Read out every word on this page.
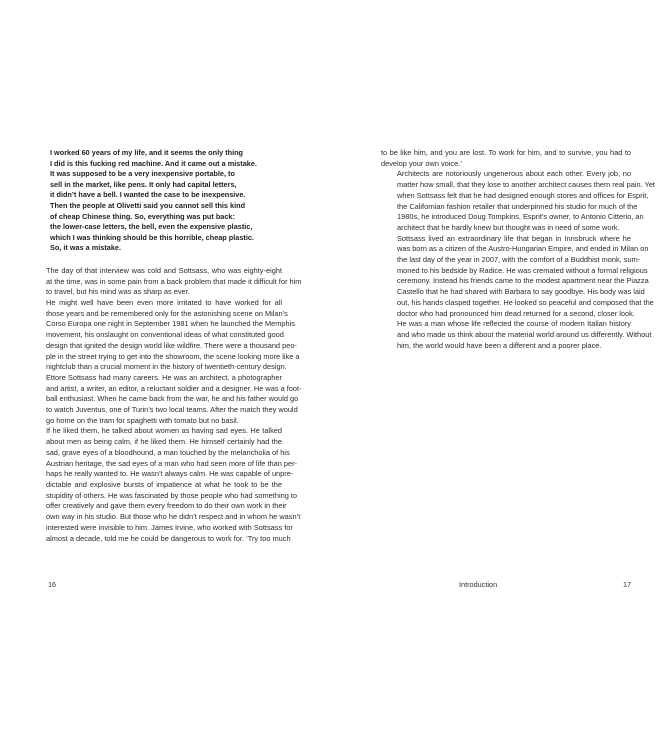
I worked 60 years of my life, and it seems the only thing
I did is this fucking red machine. And it came out a mistake.
It was supposed to be a very inexpensive portable, to
sell in the market, like pens. It only had capital letters,
it didn’t have a bell. I wanted the case to be inexpensive.
Then the people at Olivetti said you cannot sell this kind
of cheap Chinese thing. So, everything was put back:
the lower-case letters, the bell, even the expensive plastic,
which I was thinking should be this horrible, cheap plastic.
So, it was a mistake.

The day of that interview was cold and Sottsass, who was eighty-eight
at the time, was in some pain from a back problem that made it difficult for him
to travel, but his mind was as sharp as ever.

He might well have been even more irritated to have worked for all
those years and be remembered only for the astonishing scene on Milan’s
Corso Europa one night in September 1981 when he launched the Memphis
movement, his onslaught on conventional ideas of what constituted good
design that ignited the design world like wildfire. There were a thousand peo-
ple in the street trying to get into the showroom, the scene looking more like a
nightclub than a crucial moment in the history of twentieth-century design.

Ettore Sottsass had many careers. He was an architect, a photographer
and artist, a writer, an editor, a reluctant soldier and a designer. He was a foot-
ball enthusiast. When he came back from the war, he and his father would go
to watch Juventus, one of Turin’s two local teams. After the match they would
go home on the tram for spaghetti with tomato but no basil.

If he liked them, he talked about women as having sad eyes. He talked
about men as being calm, if he liked them. He himself certainly had the
sad, grave eyes of a bloodhound, a man touched by the melancholia of his
Austrian heritage, the sad eyes of a man who had seen more of life than per-
haps he really wanted to. He wasn’t always calm. He was capable of unpre-
dictable and explosive bursts of impatience at what he took to be the
stupidity of others. He was fascinated by those people who had something to
offer creatively and gave them every freedom to do their own work in their
own way in his studio. But those who he didn’t respect and in whom he wasn’t
interested were invisible to him. James Irvine, who worked with Sottsass for
almost a decade, told me he could be dangerous to work for. ‘Try too much

16

to be like him, and you are lost. To work for him, and to survive, you had to
develop your own voice.’

Architects are notoriously ungenerous about each other. Every job, no
matter how small, that they lose to another architect causes them real pain. Yet
when Sottsass felt that he had designed enough stores and offices for Esprit,
the Californian fashion retailer that underpinned his studio for much of the
1980s, he introduced Doug Tompkins, Esprit’s owner, to Antonio Citterio, an
architect that he hardly knew but thought was in need of some work.

Sottsass lived an extraordinary life that began in Innsbruck where he
was born as a citizen of the Austro-Hungarian Empire, and ended in Milan on
the last day of the year in 2007, with the comfort of a Buddhist monk, sum-
moned to his bedside by Radice. He was cremated without a formal religious
ceremony. Instead his friends came to the modest apartment near the Piazza
Castello that he had shared with Barbara to say goodbye. His body was laid
out, his hands clasped together. He looked so peaceful and composed that the
doctor who had pronounced him dead returned for a second, closer look.

He was a man whose life reflected the course of modern Italian history
and who made us think about the material world around us differently. Without
him, the world would have been a different and a poorer place.

Introduction	17
